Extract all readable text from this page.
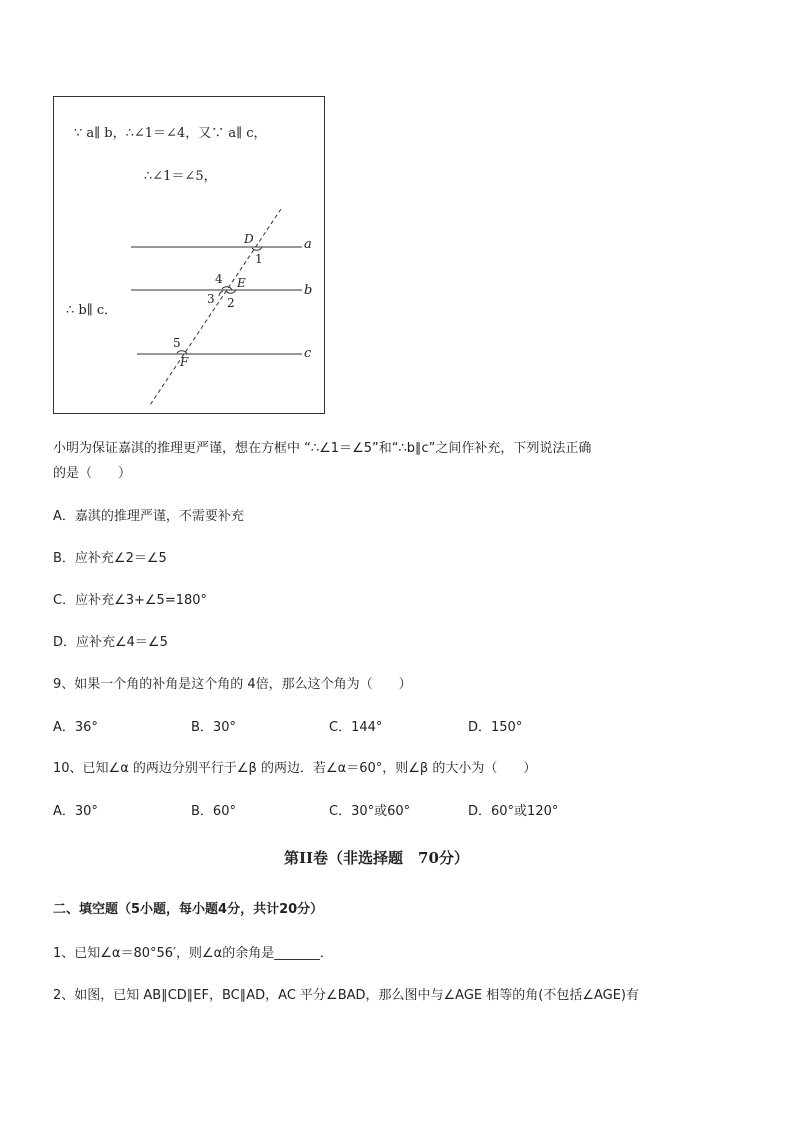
∵ a∥ b，∴∠1＝∠4，又∵ a∥ c，
∴∠1＝∠5，
∴ b∥ c．
D
1
a
4 E	b
3 2
5
F
c
小明为保证嘉淇的推理更严谨，想在方框中 “∴∠1＝∠5”和“∴b∥c”之间作补充，下列说法正确
的是（　　）
A．嘉淇的推理严谨，不需要补充
B．应补充∠2＝∠5
C．应补充∠3+∠5=180°
D．应补充∠4＝∠5
9、如果一个角的补角是这个角的 4倍，那么这个角为（　　）
A．36°	B．30°	C．144°	D．150°
10、已知∠α 的两边分别平行于∠β 的两边．若∠α＝60°，则∠β 的大小为（　　）
A．30°	B．60°	C．30°或60°	D．60°或120°
第II卷（非选择题　70分）
二、填空题（5小题，每小题4分，共计20分）
1、已知∠α＝80°56′，则∠α的余角是_______．
2、如图，已知 AB∥CD∥EF，BC∥AD，AC 平分∠BAD，那么图中与∠AGE 相等的角(不包括∠AGE)有
